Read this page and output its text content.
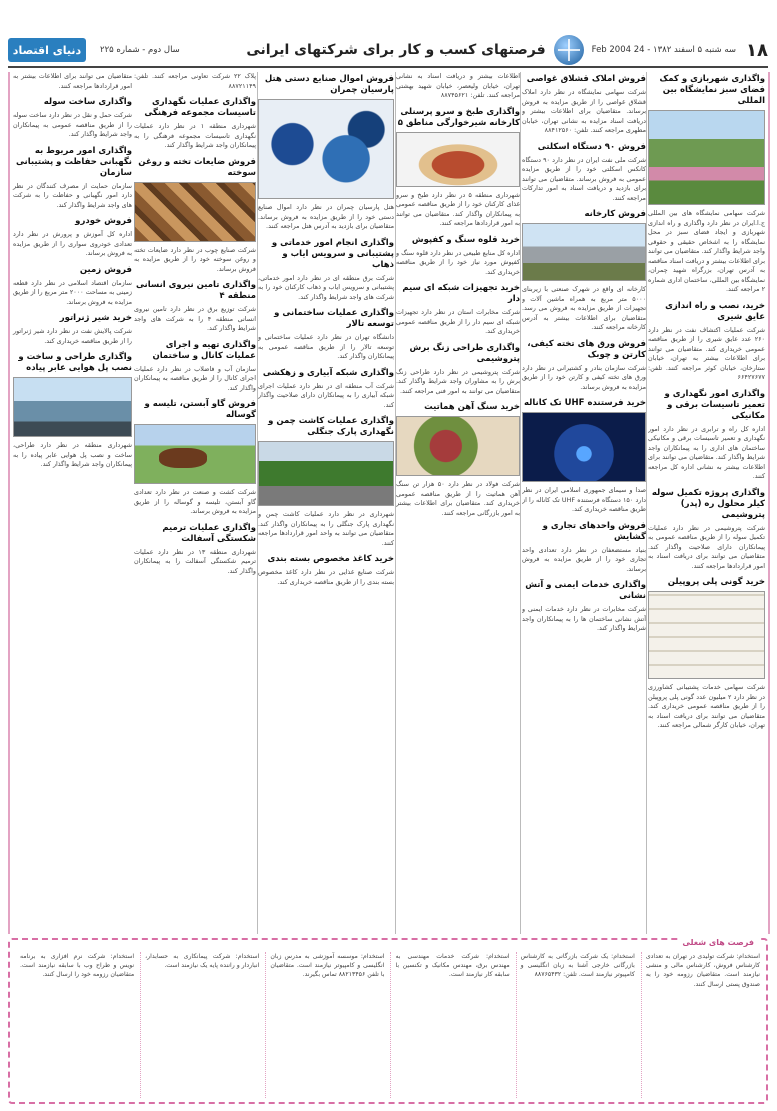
دنیای اقتصاد	سال دوم - شماره ۲۲۵	فرصتهای کسب و کار برای شرکتهای ایرانی	سه شنبه ۵ اسفند ۱۳۸۲ - 24 Feb 2004 ۱۸
واگذاری شهربازی و کمک فضای سبز نمایشگاه بین المللی
شرکت سهامی نمایشگاه های بین المللی ج.ا.ایران در نظر دارد واگذاری و راه اندازی شهربازی و ایجاد فضای سبز در محل نمایشگاه را به اشخاص حقیقی و حقوقی واجد شرایط واگذار کند. متقاضیان می توانند برای اطلاعات بیشتر و دریافت اسناد مناقصه به آدرس تهران، بزرگراه شهید چمران، نمایشگاه بین المللی، ساختمان اداری شماره ۲ مراجعه کنند.
خرید، نصب و راه اندازی عایق شیری
شرکت عملیات اکتشاف نفت در نظر دارد ۲۶۰ عدد عایق شیری را از طریق مناقصه عمومی خریداری کند. متقاضیان می توانند برای اطلاعات بیشتر به تهران، خیابان ستارخان، خیابان کوثر مراجعه کنند. تلفن: ۶۶۴۲۷۶۷۷
واگذاری امور نگهداری و تعمیر تاسیسات برقی و مکانیکی
اداره کل راه و ترابری در نظر دارد امور نگهداری و تعمیر تاسیسات برقی و مکانیکی ساختمان های اداری را به پیمانکاران واجد شرایط واگذار کند. متقاضیان می توانند برای اطلاعات بیشتر به نشانی اداره کل مراجعه کنند.
واگذاری پروژه تکمیل سوله کیلر محلول ره (پدر) پتروشیمی
شرکت پتروشیمی در نظر دارد عملیات تکمیل سوله را از طریق مناقصه عمومی به پیمانکاران دارای صلاحیت واگذار کند. متقاضیان می توانند برای دریافت اسناد به امور قراردادها مراجعه کنند.
خرید گونی پلی پروپیلن
شرکت سهامی خدمات پشتیبانی کشاورزی در نظر دارد ۲ میلیون عدد گونی پلی پروپیلن را از طریق مناقصه عمومی خریداری کند. متقاضیان می توانند برای دریافت اسناد به تهران، خیابان کارگر شمالی مراجعه کنند.
فروش املاک قشلاق غواصی
شرکت سهامی نمایشگاه در نظر دارد املاک قشلاق غواصی را از طریق مزایده به فروش برساند. متقاضیان برای اطلاعات بیشتر و دریافت اسناد مزایده به نشانی تهران، خیابان مطهری مراجعه کنند. تلفن: ۸۸۴۱۲۵۶۰
فروش ۹۰ دستگاه اسکلتی
شرکت ملی نفت ایران در نظر دارد ۹۰ دستگاه کانکس اسکلتی خود را از طریق مزایده عمومی به فروش برساند. متقاضیان می توانند برای بازدید و دریافت اسناد به امور تدارکات مراجعه کنند.
فروش کارخانه
کارخانه ای واقع در شهرک صنعتی با زیربنای ۵۰۰۰ متر مربع به همراه ماشین آلات و تجهیزات از طریق مزایده به فروش می رسد. متقاضیان برای اطلاعات بیشتر به آدرس کارخانه مراجعه کنند.
فروش ورق های تخته کیفی، کارتن و چوبک
شرکت سازمان بنادر و کشتیرانی در نظر دارد ورق های تخته کیفی و کارتن خود را از طریق مزایده به فروش برساند.
خرید فرستنده UHF تک کاناله
صدا و سیمای جمهوری اسلامی ایران در نظر دارد ۱۵۰ دستگاه فرستنده UHF تک کاناله را از طریق مناقصه خریداری کند.
فروش واحدهای تجاری و گشایش
بنیاد مستضعفان در نظر دارد تعدادی واحد تجاری خود را از طریق مزایده به فروش برساند.
واگذاری خدمات ایمنی و آتش نشانی
شرکت مخابرات در نظر دارد خدمات ایمنی و آتش نشانی ساختمان ها را به پیمانکاران واجد شرایط واگذار کند.
اطلاعات بیشتر و دریافت اسناد به نشانی تهران، خیابان ولیعصر، خیابان شهید بهشتی مراجعه کنند. تلفن: ۸۸۷۴۵۶۲۱
واگذاری طبخ و سرو پرسنلی کارخانه شیرخوارگی مناطق ۵
شهرداری منطقه ۵ در نظر دارد طبخ و سرو غذای کارکنان خود را از طریق مناقصه عمومی به پیمانکاران واگذار کند. متقاضیان می توانند به امور قراردادها مراجعه کنند.
خرید قلوه سنگ و کفپوش
اداره کل منابع طبیعی در نظر دارد قلوه سنگ و کفپوش مورد نیاز خود را از طریق مناقصه خریداری کند.
خرید تجهیزات شبکه ای سیم دار
شرکت مخابرات استان در نظر دارد تجهیزات شبکه ای سیم دار را از طریق مناقصه عمومی خریداری کند.
واگذاری طراحی زنگ برش پتروشیمی
شرکت پتروشیمی در نظر دارد طراحی زنگ برش را به مشاوران واجد شرایط واگذار کند. متقاضیان می توانند به امور فنی مراجعه کنند.
خرید سنگ آهن هماتیت
شرکت فولاد در نظر دارد ۵۰ هزار تن سنگ آهن هماتیت را از طریق مناقصه عمومی خریداری کند. متقاضیان برای اطلاعات بیشتر به امور بازرگانی مراجعه کنند.
فروش اموال صنایع دستی هتل پارسیان چمران
هتل پارسیان چمران در نظر دارد اموال صنایع دستی خود را از طریق مزایده به فروش برساند. متقاضیان برای بازدید به آدرس هتل مراجعه کنند.
واگذاری انجام امور خدماتی و پشتیبانی و سرویس ایاب و ذهاب
شرکت برق منطقه ای در نظر دارد امور خدماتی، پشتیبانی و سرویس ایاب و ذهاب کارکنان خود را به شرکت های واجد شرایط واگذار کند.
واگذاری عملیات ساختمانی و توسعه تالار
دانشگاه تهران در نظر دارد عملیات ساختمانی و توسعه تالار را از طریق مناقصه عمومی به پیمانکاران واگذار کند.
واگذاری شبکه آبیاری و زهکشی
شرکت آب منطقه ای در نظر دارد عملیات اجرای شبکه آبیاری را به پیمانکاران دارای صلاحیت واگذار کند.
واگذاری عملیات کاشت چمن و نگهداری پارک جنگلی
شهرداری در نظر دارد عملیات کاشت چمن و نگهداری پارک جنگلی را به پیمانکاران واگذار کند. متقاضیان می توانند به واحد امور قراردادها مراجعه کنند.
خرید کاغذ مخصوص بسته بندی
شرکت صنایع غذایی در نظر دارد کاغذ مخصوص بسته بندی را از طریق مناقصه خریداری کند.
پلاک ۲۲ شرکت تعاونی مراجعه کنند. تلفن: ۸۸۷۲۱۱۴۹
واگذاری عملیات نگهداری تاسیسات مجموعه فرهنگی
شهرداری منطقه ۱ در نظر دارد عملیات نگهداری تاسیسات مجموعه فرهنگی را به پیمانکاران واجد شرایط واگذار کند.
فروش ضایعات تخته و روغن سوخته
شرکت صنایع چوب در نظر دارد ضایعات تخته و روغن سوخته خود را از طریق مزایده به فروش برساند.
واگذاری تامین نیروی انسانی منطقه ۴
شرکت توزیع برق در نظر دارد تامین نیروی انسانی منطقه ۴ را به شرکت های واجد شرایط واگذار کند.
واگذاری تهیه و اجرای عملیات کانال و ساختمان
سازمان آب و فاضلاب در نظر دارد عملیات اجرای کانال را از طریق مناقصه به پیمانکاران واگذار کند.
فروش گاو آبستن، تلیسه و گوساله
شرکت کشت و صنعت در نظر دارد تعدادی گاو آبستن، تلیسه و گوساله را از طریق مزایده به فروش برساند.
واگذاری عملیات ترمیم شکستگی آسفالت
شهرداری منطقه ۱۳ در نظر دارد عملیات ترمیم شکستگی آسفالت را به پیمانکاران واگذار کند.
متقاضیان می توانند برای اطلاعات بیشتر به امور قراردادها مراجعه کنند.
واگذاری ساخت سوله
شرکت حمل و نقل در نظر دارد ساخت سوله را از طریق مناقصه عمومی به پیمانکاران واجد شرایط واگذار کند.
واگذاری امور مربوط به نگهبانی حفاظت و پشتیبانی سازمان
سازمان حمایت از مصرف کنندگان در نظر دارد امور نگهبانی و حفاظت را به شرکت های واجد شرایط واگذار کند.
فروش خودرو
اداره کل آموزش و پرورش در نظر دارد تعدادی خودروی سواری را از طریق مزایده به فروش برساند.
فروش زمین
سازمان اقتصاد اسلامی در نظر دارد قطعه زمینی به مساحت ۲۰۰۰ متر مربع را از طریق مزایده به فروش برساند.
خرید شیر ژنراتور
شرکت پالایش نفت در نظر دارد شیر ژنراتور را از طریق مناقصه خریداری کند.
واگذاری طراحی و ساخت و نصب پل هوایی عابر پیاده
شهرداری منطقه در نظر دارد طراحی، ساخت و نصب پل هوایی عابر پیاده را به پیمانکاران واجد شرایط واگذار کند.
فرصت های شغلی
استخدام: شرکت تولیدی در تهران به تعدادی کارشناس فروش، کارشناس مالی و منشی نیازمند است. متقاضیان رزومه خود را به صندوق پستی ارسال کنند.
استخدام: یک شرکت بازرگانی به کارشناس بازرگانی خارجی آشنا به زبان انگلیسی و کامپیوتر نیازمند است. تلفن: ۸۸۷۶۵۴۳۲
استخدام: شرکت خدمات مهندسی به مهندس برق، مهندس مکانیک و تکنسین با سابقه کار نیازمند است.
استخدام: موسسه آموزشی به مدرس زبان انگلیسی و کامپیوتر نیازمند است. متقاضیان با تلفن ۸۸۲۱۳۴۵۶ تماس بگیرند.
استخدام: شرکت پیمانکاری به حسابدار، انباردار و راننده پایه یک نیازمند است.
استخدام: شرکت نرم افزاری به برنامه نویس و طراح وب با سابقه نیازمند است. متقاضیان رزومه خود را ارسال کنند.
